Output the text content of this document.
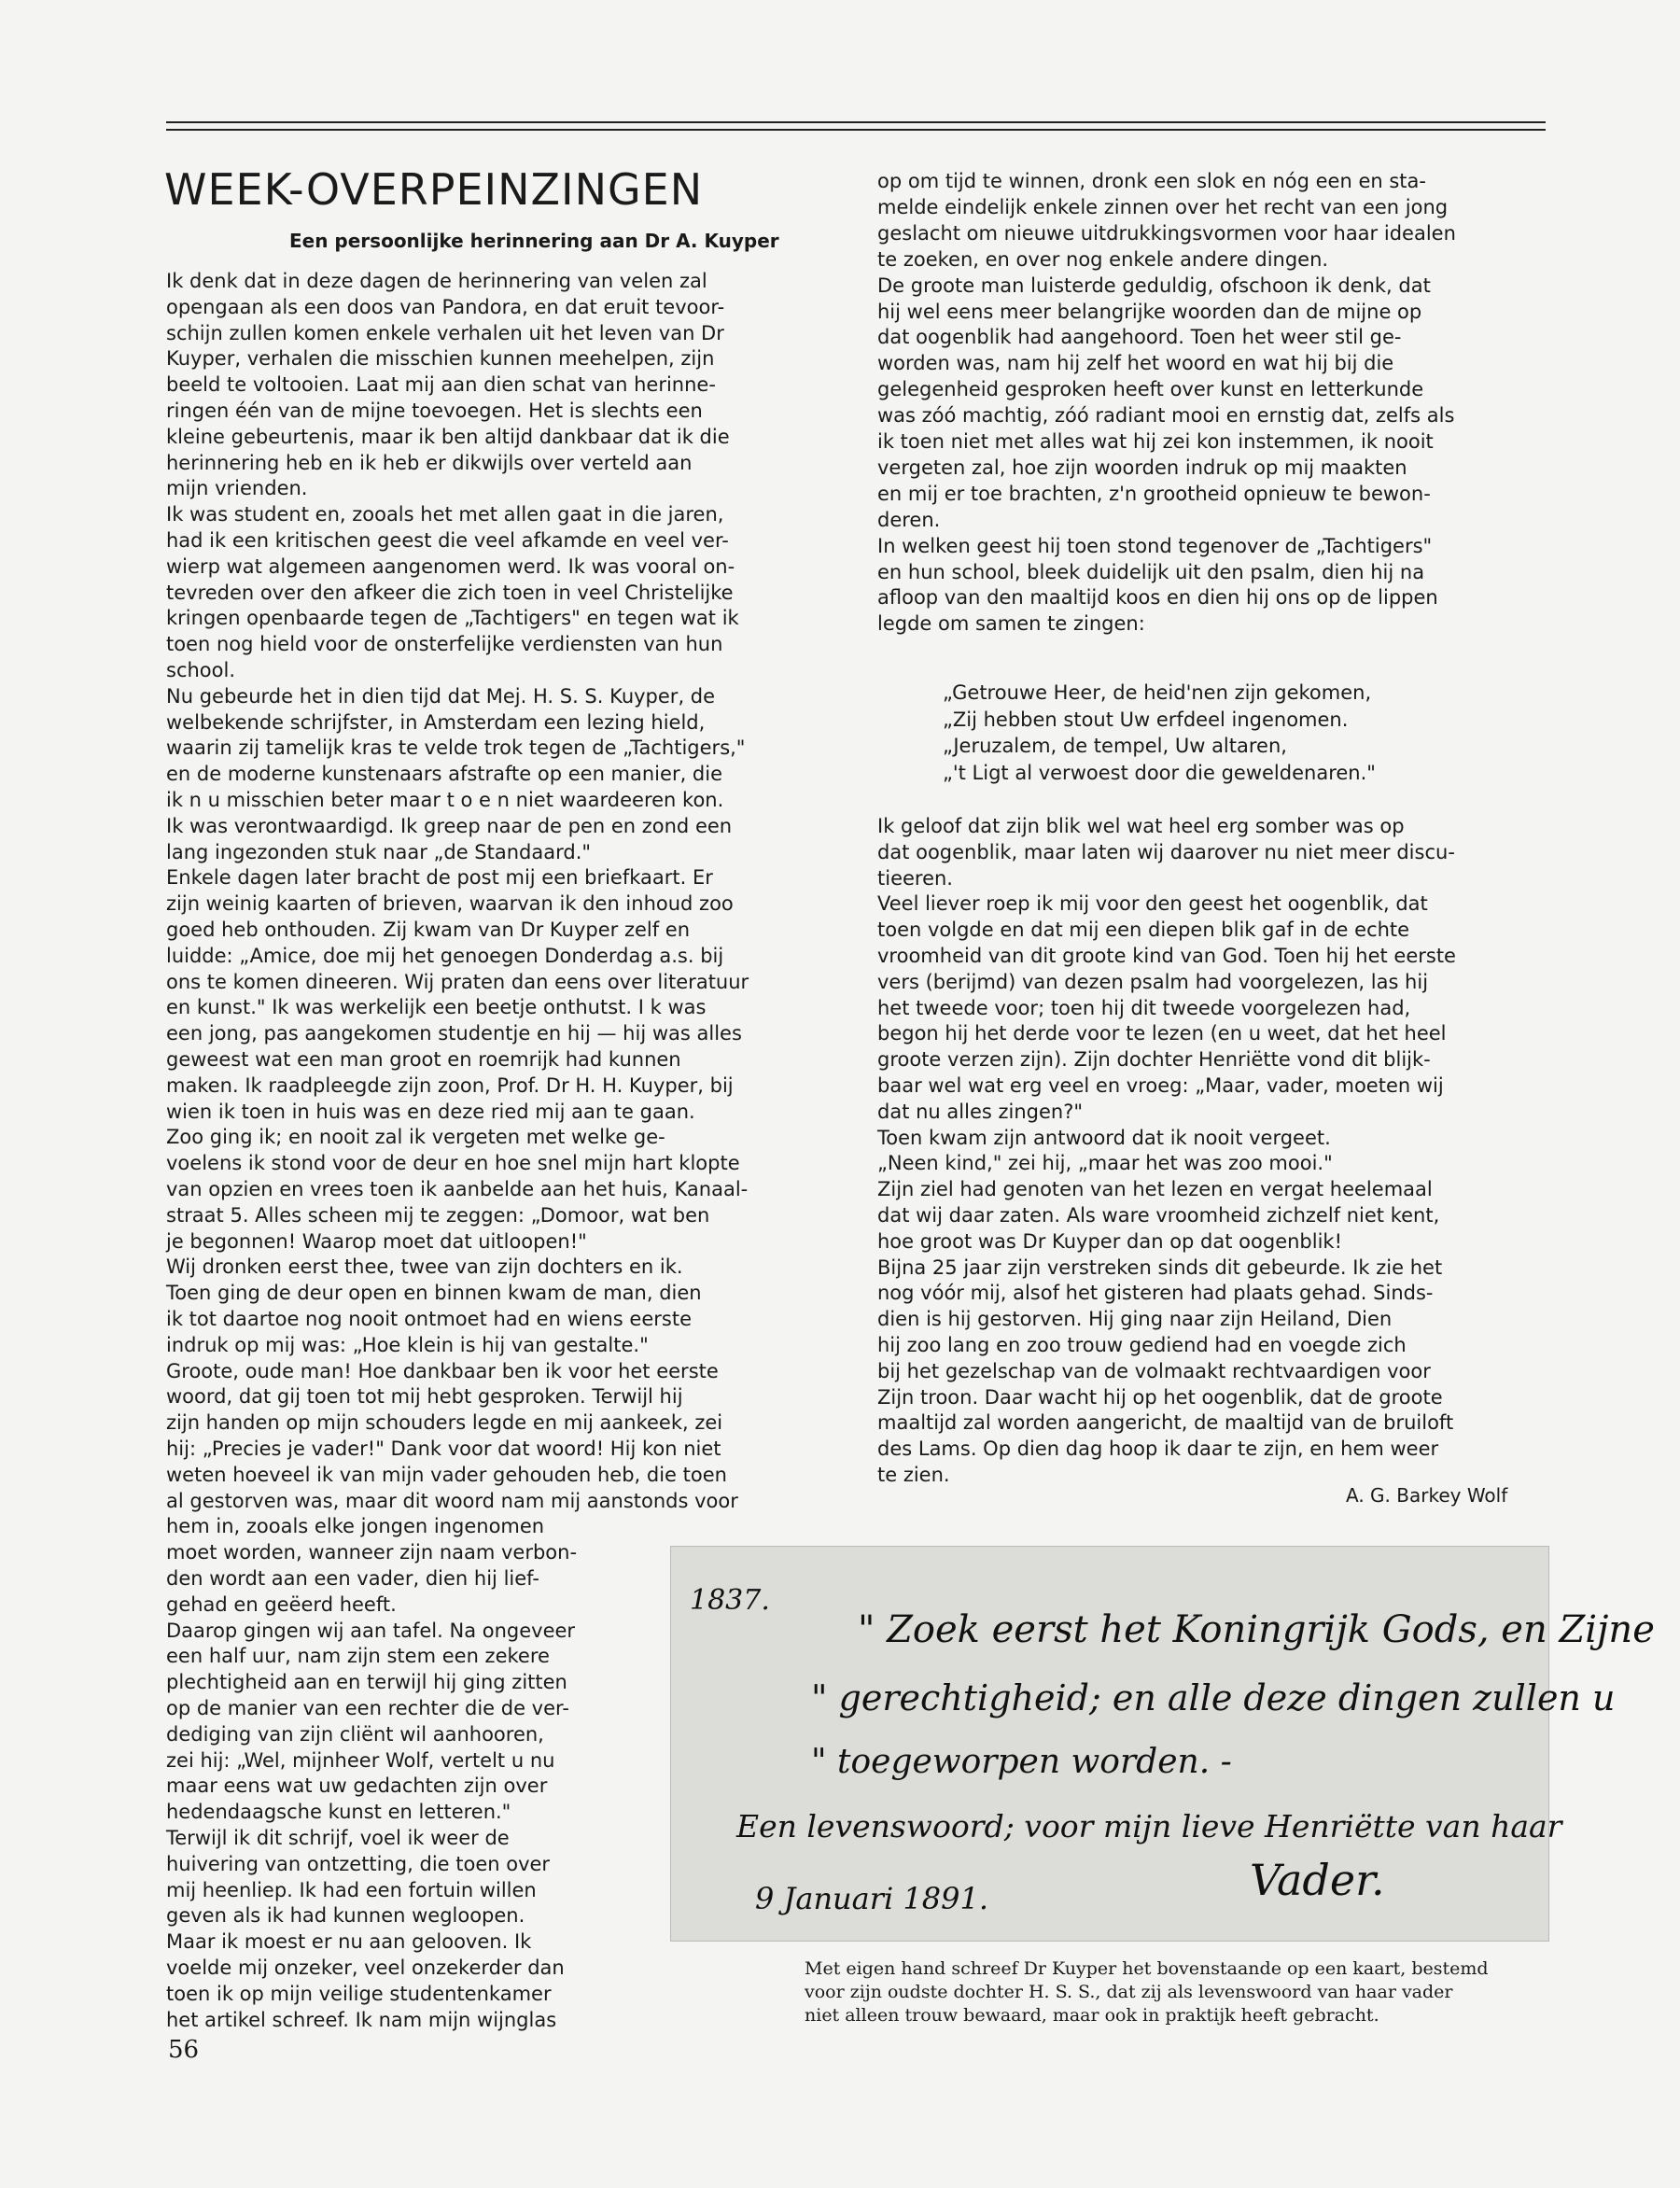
WEEK-OVERPEINZINGEN
Een persoonlijke herinnering aan Dr A. Kuyper
Ik denk dat in deze dagen de herinnering van velen zal
opengaan als een doos van Pandora, en dat eruit tevoor-
schijn zullen komen enkele verhalen uit het leven van Dr
Kuyper, verhalen die misschien kunnen meehelpen, zijn
beeld te voltooien. Laat mij aan dien schat van herinne-
ringen één van de mijne toevoegen. Het is slechts een
kleine gebeurtenis, maar ik ben altijd dankbaar dat ik die
herinnering heb en ik heb er dikwijls over verteld aan
mijn vrienden.
Ik was student en, zooals het met allen gaat in die jaren,
had ik een kritischen geest die veel afkamde en veel ver-
wierp wat algemeen aangenomen werd. Ik was vooral on-
tevreden over den afkeer die zich toen in veel Christelijke
kringen openbaarde tegen de „Tachtigers" en tegen wat ik
toen nog hield voor de onsterfelijke verdiensten van hun
school.
Nu gebeurde het in dien tijd dat Mej. H. S. S. Kuyper, de
welbekende schrijfster, in Amsterdam een lezing hield,
waarin zij tamelijk kras te velde trok tegen de „Tachtigers,"
en de moderne kunstenaars afstrafte op een manier, die
ik n u misschien beter maar t o e n niet waardeeren kon.
Ik was verontwaardigd. Ik greep naar de pen en zond een
lang ingezonden stuk naar „de Standaard."
Enkele dagen later bracht de post mij een briefkaart. Er
zijn weinig kaarten of brieven, waarvan ik den inhoud zoo
goed heb onthouden. Zij kwam van Dr Kuyper zelf en
luidde: „Amice, doe mij het genoegen Donderdag a.s. bij
ons te komen dineeren. Wij praten dan eens over literatuur
en kunst." Ik was werkelijk een beetje onthutst. I k was
een jong, pas aangekomen studentje en hij — hij was alles
geweest wat een man groot en roemrijk had kunnen
maken. Ik raadpleegde zijn zoon, Prof. Dr H. H. Kuyper, bij
wien ik toen in huis was en deze ried mij aan te gaan.
Zoo ging ik; en nooit zal ik vergeten met welke ge-
voelens ik stond voor de deur en hoe snel mijn hart klopte
van opzien en vrees toen ik aanbelde aan het huis, Kanaal-
straat 5. Alles scheen mij te zeggen: „Domoor, wat ben
je begonnen! Waarop moet dat uitloopen!"
Wij dronken eerst thee, twee van zijn dochters en ik.
Toen ging de deur open en binnen kwam de man, dien
ik tot daartoe nog nooit ontmoet had en wiens eerste
indruk op mij was: „Hoe klein is hij van gestalte."
Groote, oude man! Hoe dankbaar ben ik voor het eerste
woord, dat gij toen tot mij hebt gesproken. Terwijl hij
zijn handen op mijn schouders legde en mij aankeek, zei
hij: „Precies je vader!" Dank voor dat woord! Hij kon niet
weten hoeveel ik van mijn vader gehouden heb, die toen
al gestorven was, maar dit woord nam mij aanstonds voor
hem in, zooals elke jongen ingenomen
moet worden, wanneer zijn naam verbon-
den wordt aan een vader, dien hij lief-
gehad en geëerd heeft.
Daarop gingen wij aan tafel. Na ongeveer
een half uur, nam zijn stem een zekere
plechtigheid aan en terwijl hij ging zitten
op de manier van een rechter die de ver-
dediging van zijn cliënt wil aanhooren,
zei hij: „Wel, mijnheer Wolf, vertelt u nu
maar eens wat uw gedachten zijn over
hedendaagsche kunst en letteren."
Terwijl ik dit schrijf, voel ik weer de
huivering van ontzetting, die toen over
mij heenliep. Ik had een fortuin willen
geven als ik had kunnen wegloopen.
Maar ik moest er nu aan gelooven. Ik
voelde mij onzeker, veel onzekerder dan
toen ik op mijn veilige studentenkamer
het artikel schreef. Ik nam mijn wijnglas
op om tijd te winnen, dronk een slok en nóg een en sta-
melde eindelijk enkele zinnen over het recht van een jong
geslacht om nieuwe uitdrukkingsvormen voor haar idealen
te zoeken, en over nog enkele andere dingen.
De groote man luisterde geduldig, ofschoon ik denk, dat
hij wel eens meer belangrijke woorden dan de mijne op
dat oogenblik had aangehoord. Toen het weer stil ge-
worden was, nam hij zelf het woord en wat hij bij die
gelegenheid gesproken heeft over kunst en letterkunde
was zóó machtig, zóó radiant mooi en ernstig dat, zelfs als
ik toen niet met alles wat hij zei kon instemmen, ik nooit
vergeten zal, hoe zijn woorden indruk op mij maakten
en mij er toe brachten, z'n grootheid opnieuw te bewon-
deren.
In welken geest hij toen stond tegenover de „Tachtigers"
en hun school, bleek duidelijk uit den psalm, dien hij na
afloop van den maaltijd koos en dien hij ons op de lippen
legde om samen te zingen:
„Getrouwe Heer, de heid'nen zijn gekomen,
„Zij hebben stout Uw erfdeel ingenomen.
„Jeruzalem, de tempel, Uw altaren,
„'t Ligt al verwoest door die geweldenaren."
Ik geloof dat zijn blik wel wat heel erg somber was op
dat oogenblik, maar laten wij daarover nu niet meer discu-
tieeren.
Veel liever roep ik mij voor den geest het oogenblik, dat
toen volgde en dat mij een diepen blik gaf in de echte
vroomheid van dit groote kind van God. Toen hij het eerste
vers (berijmd) van dezen psalm had voorgelezen, las hij
het tweede voor; toen hij dit tweede voorgelezen had,
begon hij het derde voor te lezen (en u weet, dat het heel
groote verzen zijn). Zijn dochter Henriëtte vond dit blijk-
baar wel wat erg veel en vroeg: „Maar, vader, moeten wij
dat nu alles zingen?"
Toen kwam zijn antwoord dat ik nooit vergeet.
„Neen kind," zei hij, „maar het was zoo mooi."
Zijn ziel had genoten van het lezen en vergat heelemaal
dat wij daar zaten. Als ware vroomheid zichzelf niet kent,
hoe groot was Dr Kuyper dan op dat oogenblik!
Bijna 25 jaar zijn verstreken sinds dit gebeurde. Ik zie het
nog vóór mij, alsof het gisteren had plaats gehad. Sinds-
dien is hij gestorven. Hij ging naar zijn Heiland, Dien
hij zoo lang en zoo trouw gediend had en voegde zich
bij het gezelschap van de volmaakt rechtvaardigen voor
Zijn troon. Daar wacht hij op het oogenblik, dat de groote
maaltijd zal worden aangericht, de maaltijd van de bruiloft
des Lams. Op dien dag hoop ik daar te zijn, en hem weer
te zien.
A. G. Barkey Wolf
1837.
" Zoek eerst het Koningrijk Gods, en Zijne
" gerechtigheid; en alle deze dingen zullen u
" toegeworpen worden. -
Een levenswoord; voor mijn lieve Henriëtte van haar
9 Januari 1891.	Vader.
Met eigen hand schreef Dr Kuyper het bovenstaande op een kaart, bestemd
voor zijn oudste dochter H. S. S., dat zij als levenswoord van haar vader
niet alleen trouw bewaard, maar ook in praktijk heeft gebracht.
56
